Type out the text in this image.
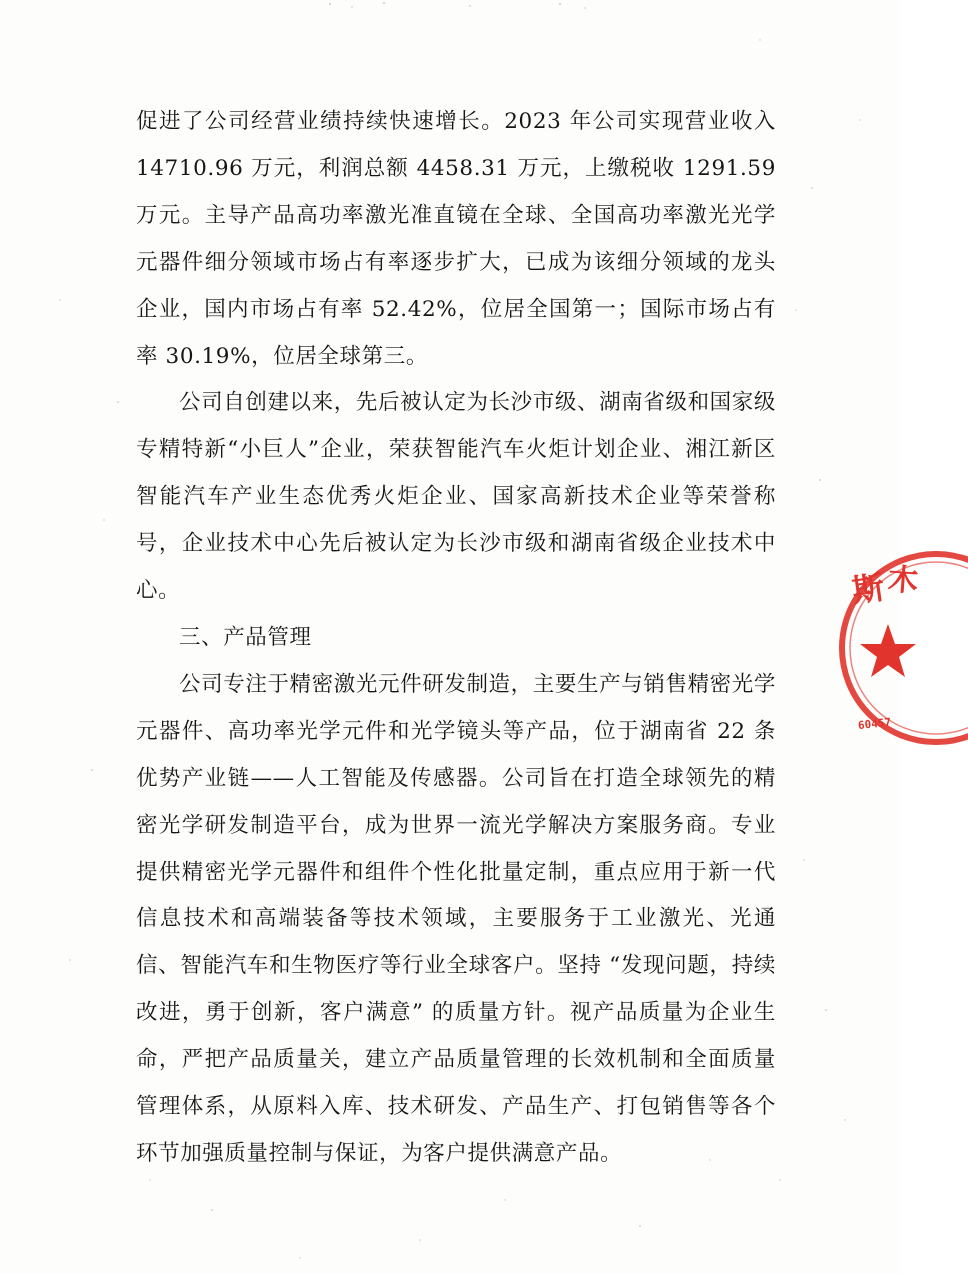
促进了公司经营业绩持续快速增长。2023 年公司实现营业收入 14710.96 万元，利润总额 4458.31 万元，上缴税收 1291.59 万元。主导产品高功率激光准直镜在全球、全国高功率激光光学元器件细分领域市场占有率逐步扩大，已成为该细分领域的龙头企业，国内市场占有率 52.42%，位居全国第一；国际市场占有率 30.19%，位居全球第三。

公司自创建以来，先后被认定为长沙市级、湖南省级和国家级专精特新“小巨人”企业，荣获智能汽车火炬计划企业、湘江新区智能汽车产业生态优秀火炬企业、国家高新技术企业等荣誉称号，企业技术中心先后被认定为长沙市级和湖南省级企业技术中心。

三、产品管理

公司专注于精密激光元件研发制造，主要生产与销售精密光学元器件、高功率光学元件和光学镜头等产品，位于湖南省 22 条优势产业链——人工智能及传感器。公司旨在打造全球领先的精密光学研发制造平台，成为世界一流光学解决方案服务商。专业提供精密光学元器件和组件个性化批量定制，重点应用于新一代信息技术和高端装备等技术领域，主要服务于工业激光、光通信、智能汽车和生物医疗等行业全球客户。坚持 “发现问题，持续改进，勇于创新，客户满意” 的质量方针。视产品质量为企业生命，严把产品质量关，建立产品质量管理的长效机制和全面质量管理体系，从原料入库、技术研发、产品生产、打包销售等各个环节加强质量控制与保证，为客户提供满意产品。

斯 木
60457
